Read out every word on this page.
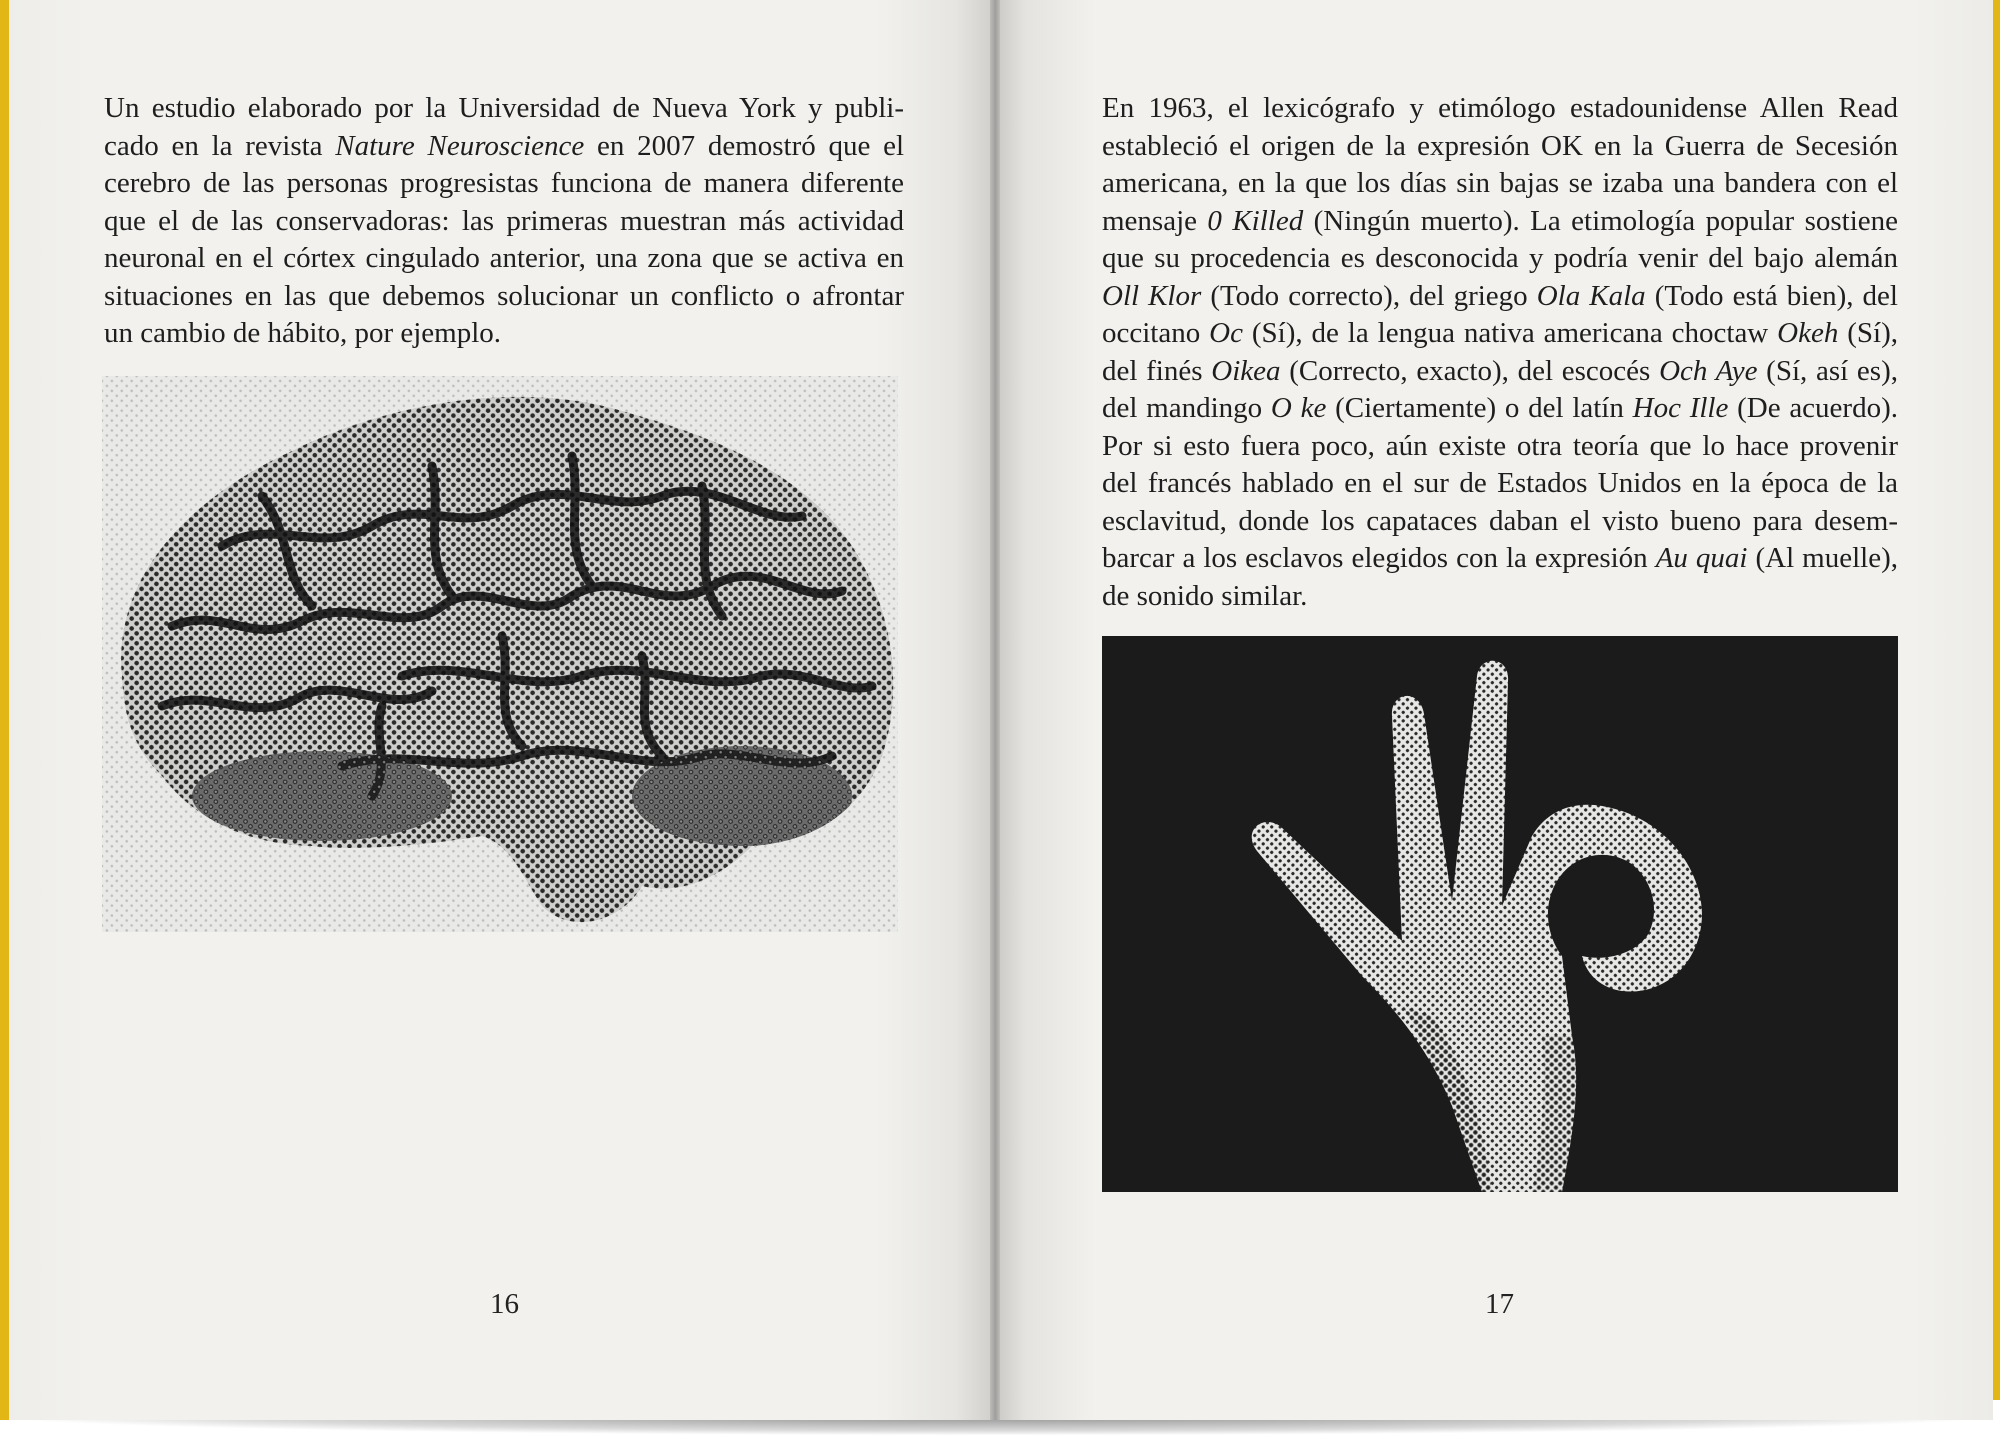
Un estudio elaborado por la Universidad de Nueva York y publi-
cado en la revista Nature Neuroscience en 2007 demostró que el
cerebro de las personas progresistas funciona de manera diferente
que el de las conservadoras: las primeras muestran más actividad
neuronal en el córtex cingulado anterior, una zona que se activa en
situaciones en las que debemos solucionar un conflicto o afrontar
un cambio de hábito, por ejemplo.
16
En 1963, el lexicógrafo y etimólogo estadounidense Allen Read
estableció el origen de la expresión OK en la Guerra de Secesión
americana, en la que los días sin bajas se izaba una bandera con el
mensaje 0 Killed (Ningún muerto). La etimología popular sostiene
que su procedencia es desconocida y podría venir del bajo alemán
Oll Klor (Todo correcto), del griego Ola Kala (Todo está bien), del
occitano Oc (Sí), de la lengua nativa americana choctaw Okeh (Sí),
del finés Oikea (Correcto, exacto), del escocés Och Aye (Sí, así es),
del mandingo O ke (Ciertamente) o del latín Hoc Ille (De acuerdo).
Por si esto fuera poco, aún existe otra teoría que lo hace provenir
del francés hablado en el sur de Estados Unidos en la época de la
esclavitud, donde los capataces daban el visto bueno para desem-
barcar a los esclavos elegidos con la expresión Au quai (Al muelle),
de sonido similar.
17
